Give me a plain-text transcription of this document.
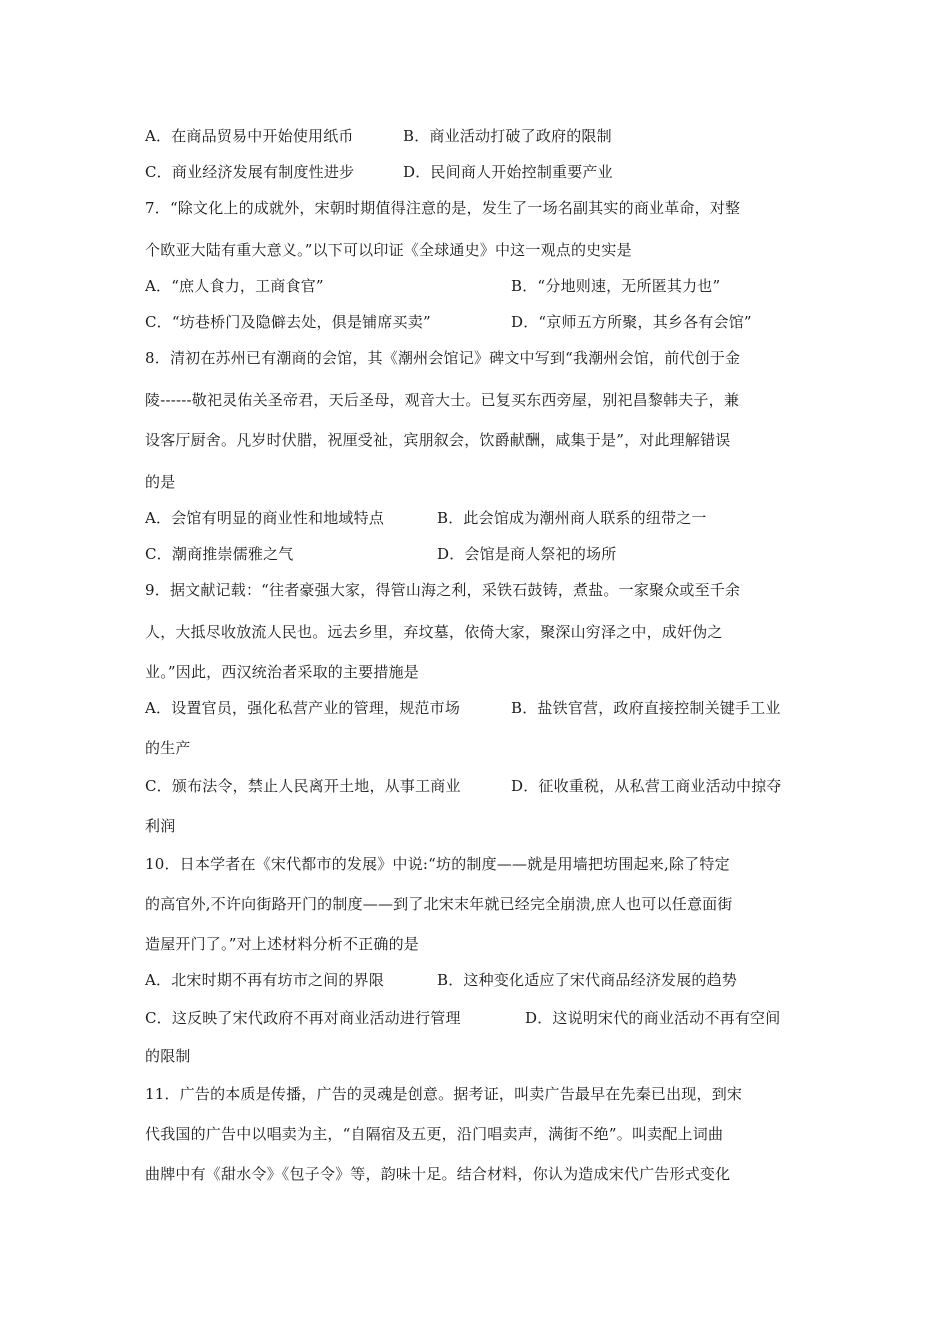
A．在商品贸易中开始使用纸币	B．商业活动打破了政府的限制
C．商业经济发展有制度性进步	D．民间商人开始控制重要产业
7．“除文化上的成就外，宋朝时期值得注意的是，发生了一场名副其实的商业革命，对整
个欧亚大陆有重大意义。”以下可以印证《全球通史》中这一观点的史实是
A．“庶人食力，工商食官”	B．“分地则速，无所匿其力也”
C．“坊巷桥门及隐僻去处，俱是铺席买卖”	D．“京师五方所聚，其乡各有会馆”
8．清初在苏州已有潮商的会馆，其《潮州会馆记》碑文中写到“我潮州会馆，前代创于金
陵------敬祀灵佑关圣帝君，天后圣母，观音大士。已复买东西旁屋，别祀昌黎韩夫子，兼
设客厅厨舍。凡岁时伏腊，祝厘受祉，宾朋叙会，饮爵献酬，咸集于是”，对此理解错误
的是
A．会馆有明显的商业性和地域特点	B．此会馆成为潮州商人联系的纽带之一
C．潮商推崇儒雅之气	D．会馆是商人祭祀的场所
9．据文献记载：“往者豪强大家，得管山海之利，采铁石鼓铸，煮盐。一家聚众或至千余
人，大抵尽收放流人民也。远去乡里，弃坟墓，依倚大家，聚深山穷泽之中，成奸伪之
业。”因此，西汉统治者采取的主要措施是
A．设置官员，强化私营产业的管理，规范市场	B．盐铁官营，政府直接控制关键手工业
的生产
C．颁布法令，禁止人民离开土地，从事工商业	D．征收重税，从私营工商业活动中掠夺
利润
10．日本学者在《宋代都市的发展》中说:“坊的制度——就是用墙把坊围起来,除了特定
的高官外,不许向街路开门的制度——到了北宋末年就已经完全崩溃,庶人也可以任意面街
造屋开门了。”对上述材料分析不正确的是
A．北宋时期不再有坊市之间的界限	B．这种变化适应了宋代商品经济发展的趋势
C．这反映了宋代政府不再对商业活动进行管理	D．这说明宋代的商业活动不再有空间
的限制
11．广告的本质是传播，广告的灵魂是创意。据考证，叫卖广告最早在先秦已出现，到宋
代我国的广告中以唱卖为主，“自隔宿及五更，沿门唱卖声，满街不绝”。叫卖配上词曲
曲牌中有《甜水令》《包子令》等，韵味十足。结合材料，你认为造成宋代广告形式变化
